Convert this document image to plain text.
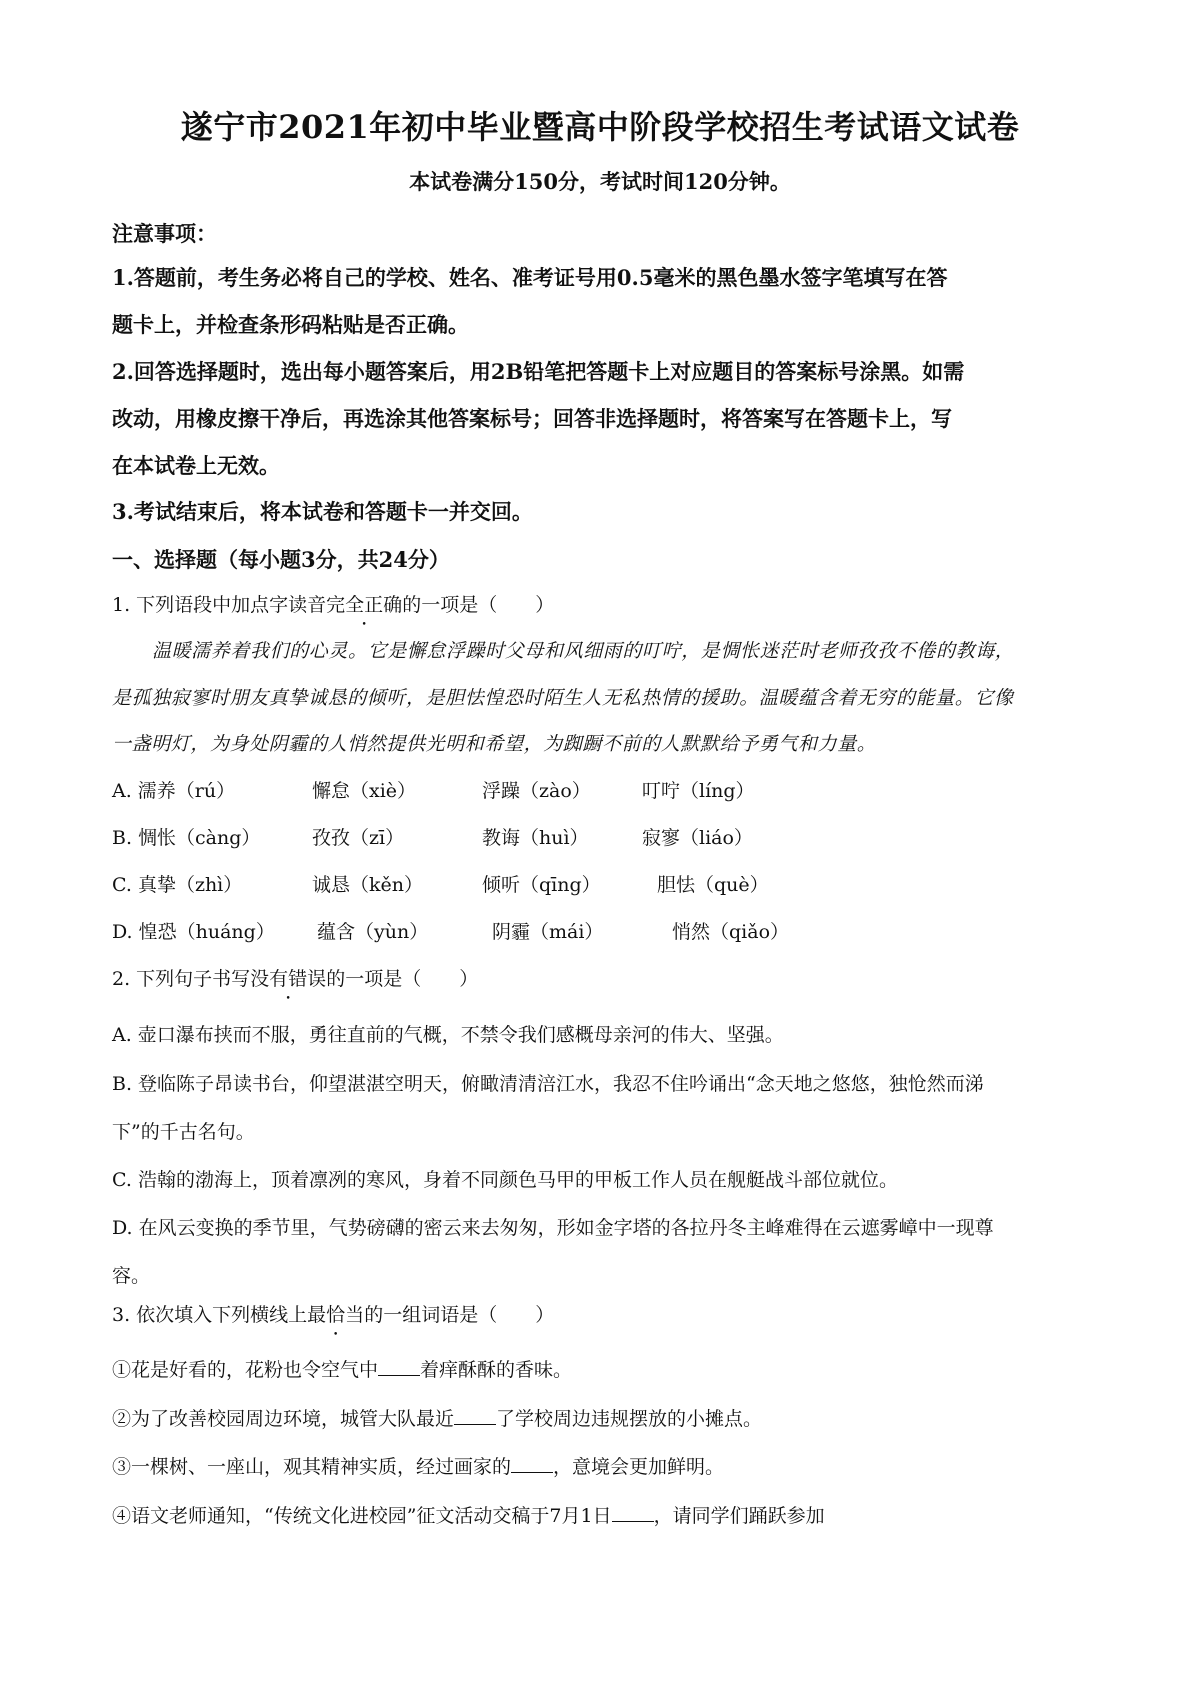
遂宁市2021年初中毕业暨高中阶段学校招生考试语文试卷
本试卷满分150分，考试时间120分钟。
注意事项：
1.答题前，考生务必将自己的学校、姓名、准考证号用0.5毫米的黑色墨水签字笔填写在答
题卡上，并检查条形码粘贴是否正确。
2.回答选择题时，选出每小题答案后，用2B铅笔把答题卡上对应题目的答案标号涂黑。如需
改动，用橡皮擦干净后，再选涂其他答案标号；回答非选择题时，将答案写在答题卡上，写
在本试卷上无效。
3.考试结束后，将本试卷和答题卡一并交回。
一、选择题（每小题3分，共24分）
1. 下列语段中加点字读音完全正确的一项是（　　）
温暖濡养着我们的心灵。它是懈怠浮躁时父母和风细雨的叮咛，是惆怅迷茫时老师孜孜不倦的教诲，
是孤独寂寥时朋友真挚诚恳的倾听，是胆怯惶恐时陌生人无私热情的援助。温暖蕴含着无穷的能量。它像
一盏明灯，为身处阴霾的人悄然提供光明和希望，为踟蹰不前的人默默给予勇气和力量。
A. 濡养（rú）	懈怠（xiè）	浮躁（zào）	叮咛（líng）
B. 惆怅（càng）	孜孜（zī）	教诲（huì）	寂寥（liáo）
C. 真挚（zhì）	诚恳（kěn）	倾听（qīng）	胆怯（què）
D. 惶恐（huáng） 蕴含（yùn）	阴霾（mái）	悄然（qiǎo）
2. 下列句子书写没有错误的一项是（　　）
A. 壶口瀑布挟而不服，勇往直前的气概，不禁令我们感概母亲河的伟大、坚强。
B. 登临陈子昂读书台，仰望湛湛空明天，俯瞰清清涪江水，我忍不住吟诵出“念天地之悠悠，独怆然而涕
下”的千古名句。
C. 浩翰的渤海上，顶着凛冽的寒风，身着不同颜色马甲的甲板工作人员在舰艇战斗部位就位。
D. 在风云变换的季节里，气势磅礴的密云来去匆匆，形如金字塔的各拉丹冬主峰难得在云遮雾嶂中一现尊
容。
3. 依次填入下列横线上最恰当的一组词语是（　　）
①花是好看的，花粉也令空气中 着痒酥酥的香味。
②为了改善校园周边环境，城管大队最近 了学校周边违规摆放的小摊点。
③一棵树、一座山，观其精神实质，经过画家的 ，意境会更加鲜明。
④语文老师通知，“传统文化进校园”征文活动交稿于7月1日 ，请同学们踊跃参加
